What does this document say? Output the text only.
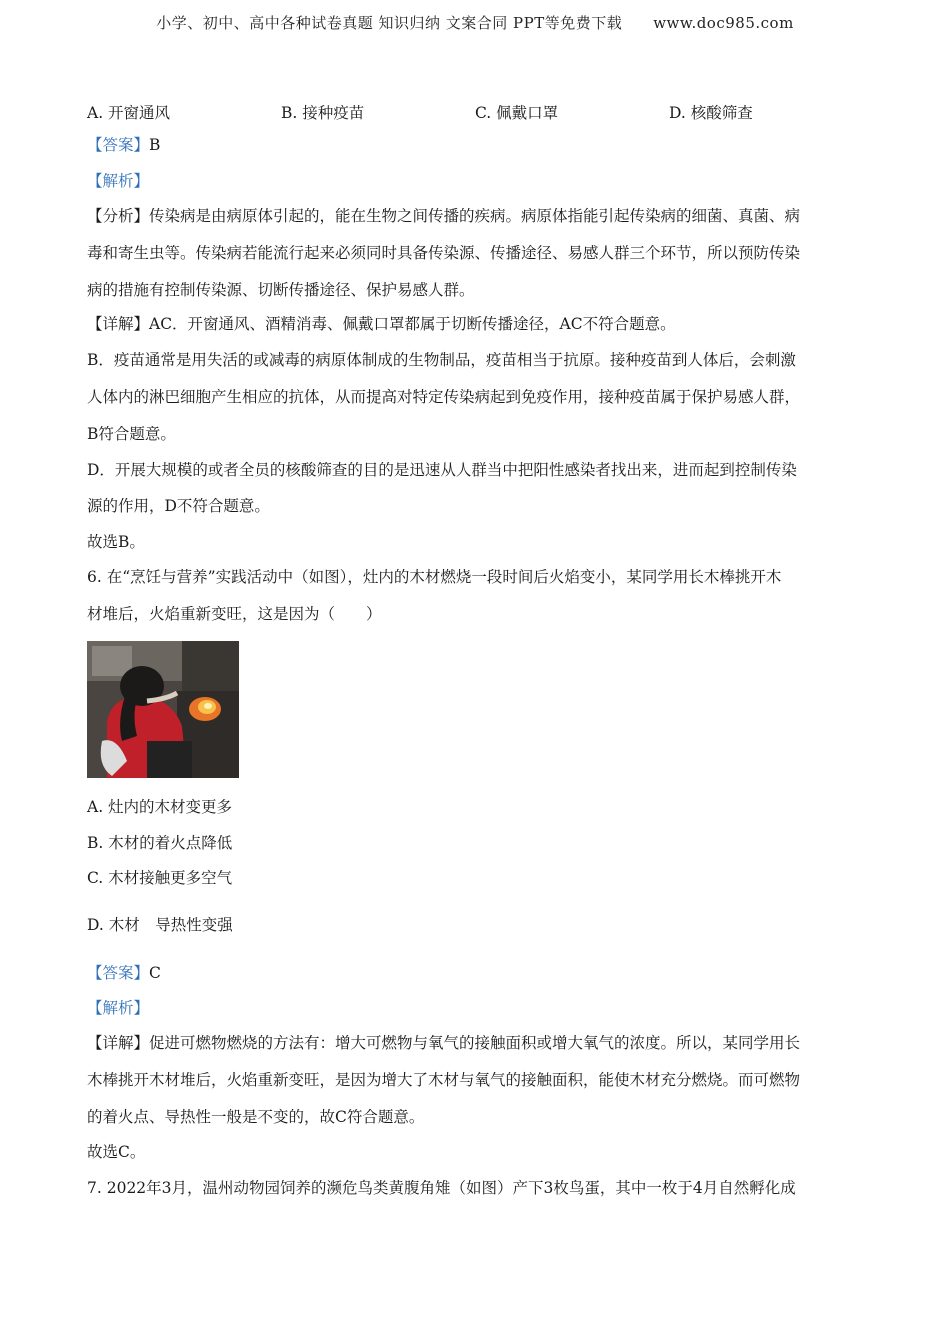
小学、初中、高中各种试卷真题 知识归纳 文案合同 PPT等免费下载　　www.doc985.com
A. 开窗通风	B. 接种疫苗	C. 佩戴口罩	D. 核酸筛查
【答案】B
【解析】
【分析】传染病是由病原体引起的，能在生物之间传播的疾病。病原体指能引起传染病的细菌、真菌、病
毒和寄生虫等。传染病若能流行起来必须同时具备传染源、传播途径、易感人群三个环节，所以预防传染
病的措施有控制传染源、切断传播途径、保护易感人群。
【详解】AC．开窗通风、酒精消毒、佩戴口罩都属于切断传播途径，AC不符合题意。
B．疫苗通常是用失活的或减毒的病原体制成的生物制品，疫苗相当于抗原。接种疫苗到人体后，会刺激
人体内的淋巴细胞产生相应的抗体，从而提高对特定传染病起到免疫作用，接种疫苗属于保护易感人群，
B符合题意。
D．开展大规模的或者全员的核酸筛查的目的是迅速从人群当中把阳性感染者找出来，进而起到控制传染
源的作用，D不符合题意。
故选B。
6. 在“烹饪与营养”实践活动中（如图），灶内的木材燃烧一段时间后火焰变小，某同学用长木棒挑开木
材堆后，火焰重新变旺，这是因为（　　）
A. 灶内的木材变更多
B. 木材的着火点降低
C. 木材接触更多空气
D. 木材　导热性变强
【答案】C
【解析】
【详解】促进可燃物燃烧的方法有：增大可燃物与氧气的接触面积或增大氧气的浓度。所以，某同学用长
木棒挑开木材堆后，火焰重新变旺，是因为增大了木材与氧气的接触面积，能使木材充分燃烧。而可燃物
的着火点、导热性一般是不变的，故C符合题意。
故选C。
7. 2022年3月，温州动物园饲养的濒危鸟类黄腹角雉（如图）产下3枚鸟蛋，其中一枚于4月自然孵化成
